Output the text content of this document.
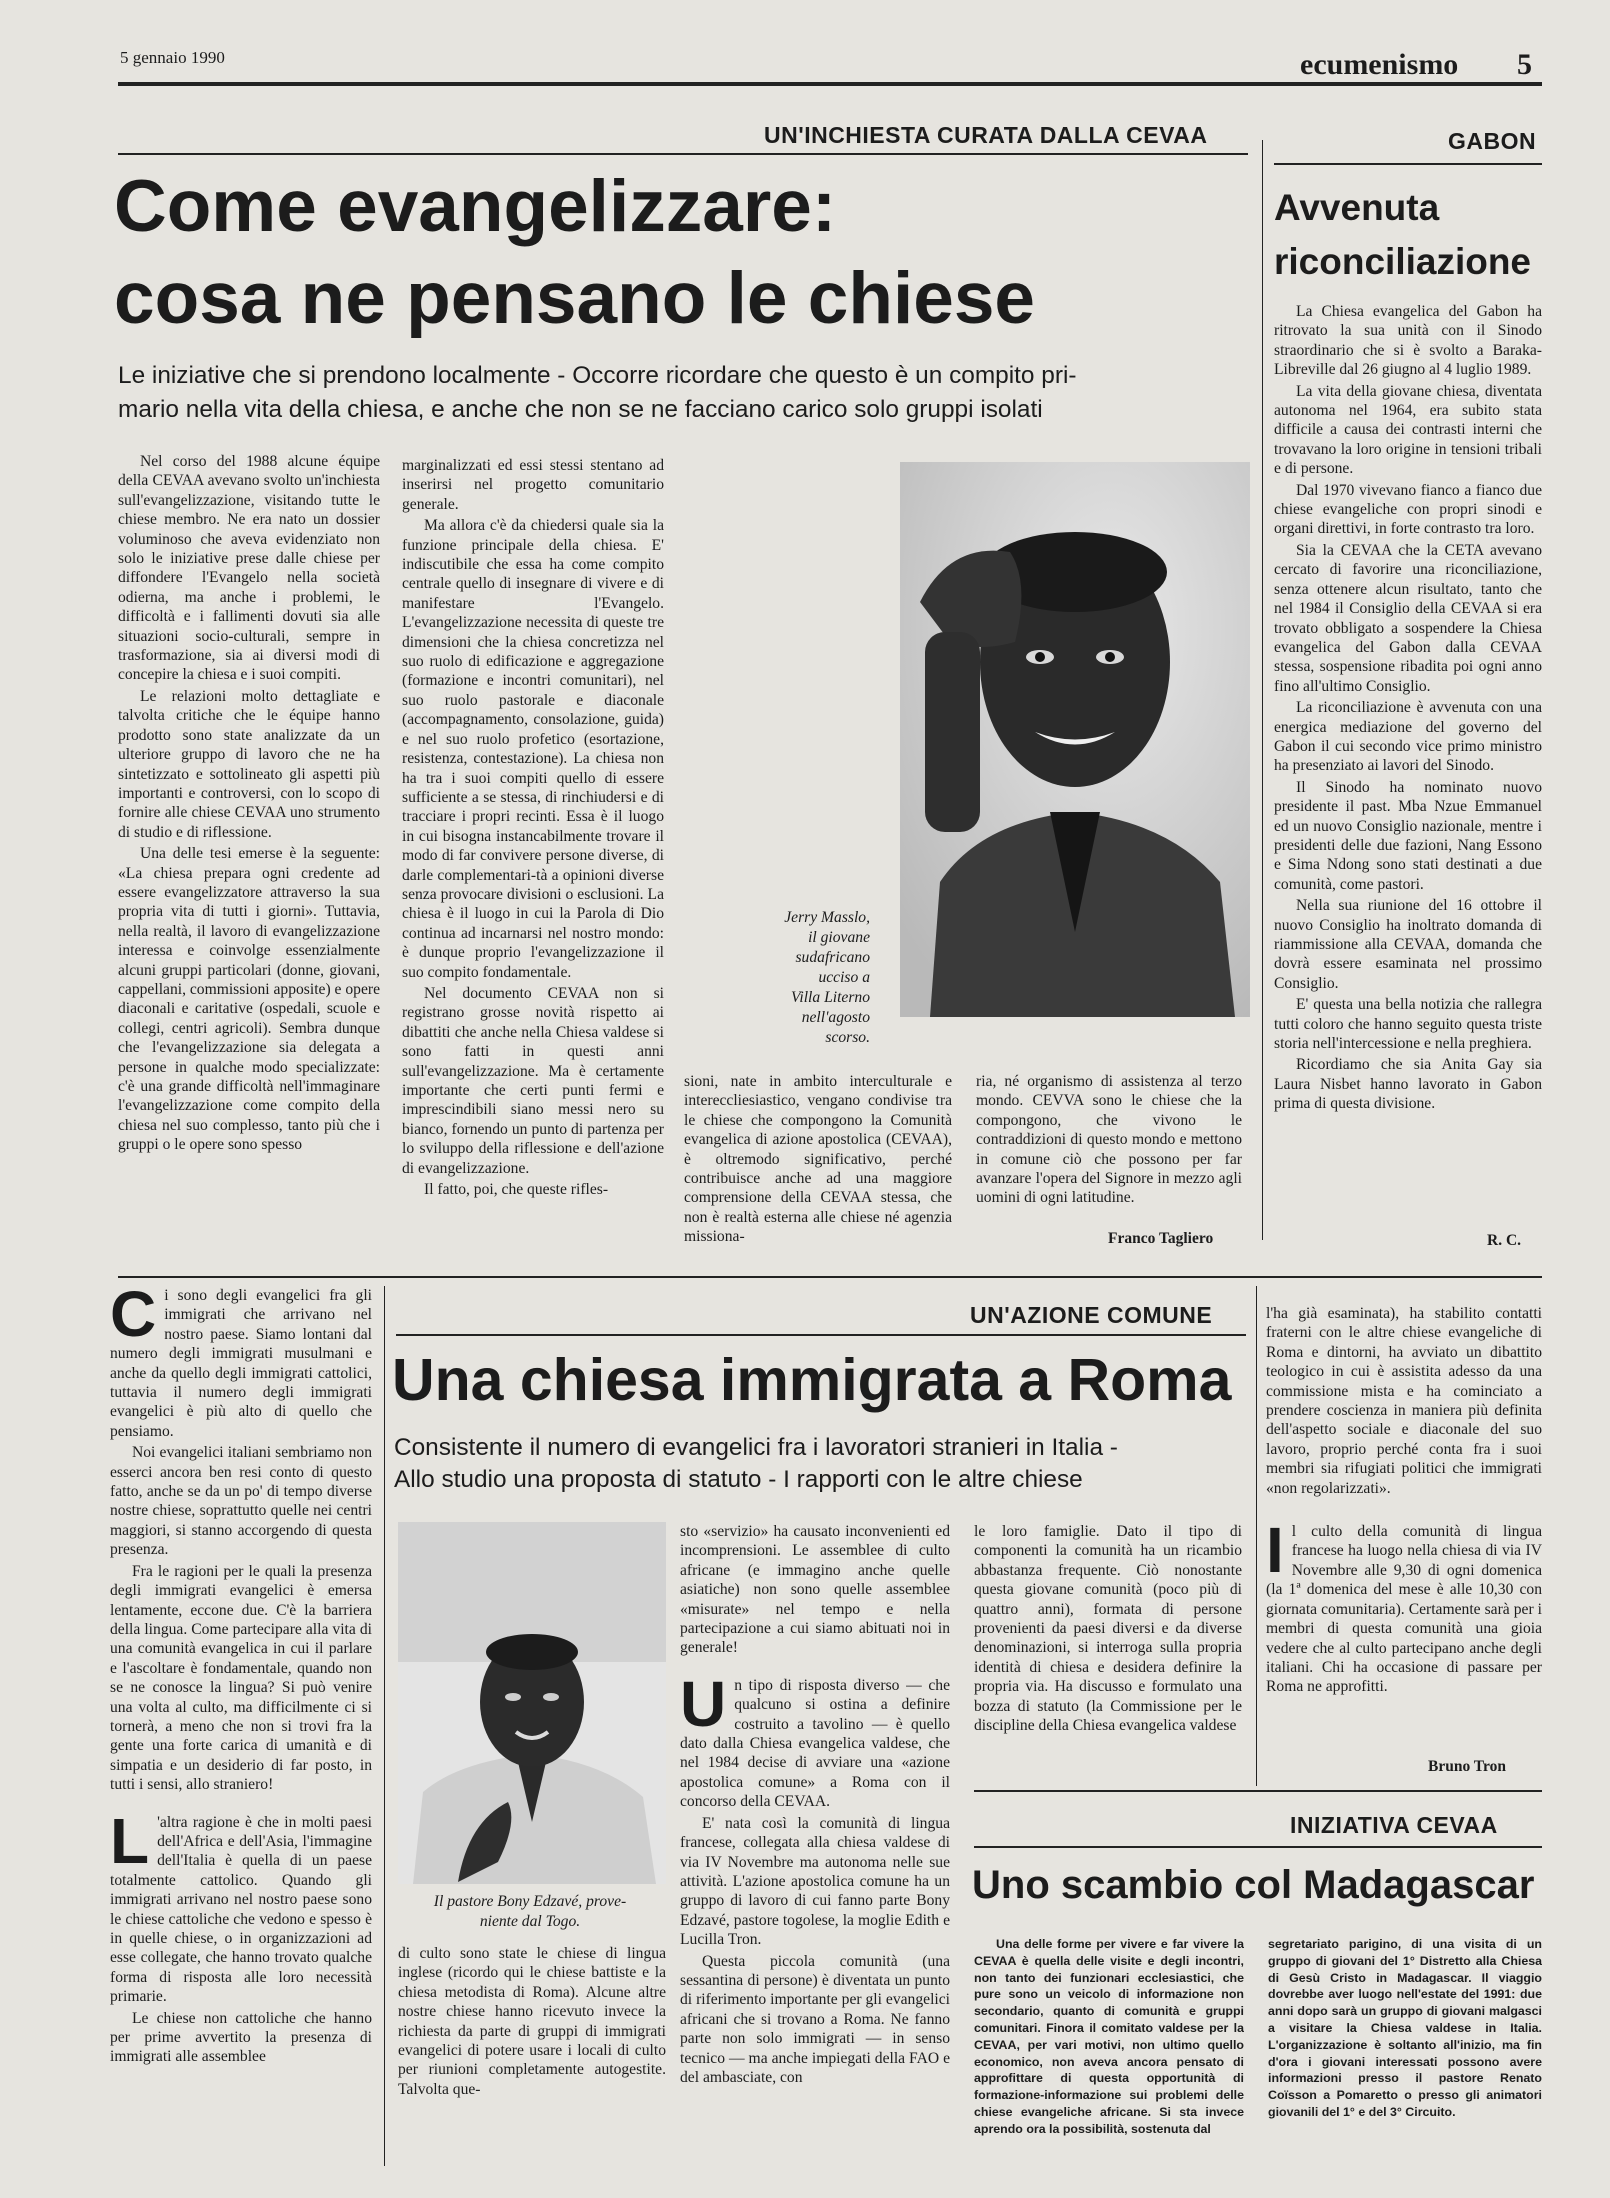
5 gennaio 1990	ecumenismo 5
UN'INCHIESTA CURATA DALLA CEVAA
Come evangelizzare:
cosa ne pensano le chiese
Le iniziative che si prendono localmente - Occorre ricordare che questo è un compito pri-
mario nella vita della chiesa, e anche che non se ne facciano carico solo gruppi isolati

Nel corso del 1988 alcune équipe della CEVAA avevano svolto un'inchiesta sull'evangelizzazione, visitando tutte le chiese membro. Ne era nato un dossier voluminoso che aveva evidenziato non solo le iniziative prese dalle chiese per diffondere l'Evangelo nella società odierna, ma anche i problemi, le difficoltà e i fallimenti dovuti sia alle situazioni socio-culturali, sempre in trasformazione, sia ai diversi modi di concepire la chiesa e i suoi compiti.

Le relazioni molto dettagliate e talvolta critiche che le équipe hanno prodotto sono state analizzate da un ulteriore gruppo di lavoro che ne ha sintetizzato e sottolineato gli aspetti più importanti e controversi, con lo scopo di fornire alle chiese CEVAA uno strumento di studio e di riflessione.

Una delle tesi emerse è la seguente: «La chiesa prepara ogni credente ad essere evangelizzatore attraverso la sua propria vita di tutti i giorni». Tuttavia, nella realtà, il lavoro di evangelizzazione interessa e coinvolge essenzialmente alcuni gruppi particolari (donne, giovani, cappellani, commissioni apposite) e opere diaconali e caritative (ospedali, scuole e collegi, centri agricoli). Sembra dunque che l'evangelizzazione sia delegata a persone in qualche modo specializzate: c'è una grande difficoltà nell'immaginare l'evangelizzazione come compito della chiesa nel suo complesso, tanto più che i gruppi o le opere sono spesso

marginalizzati ed essi stessi stentano ad inserirsi nel progetto comunitario generale.

Ma allora c'è da chiedersi quale sia la funzione principale della chiesa. E' indiscutibile che essa ha come compito centrale quello di insegnare di vivere e di manifestare l'Evangelo. L'evangelizzazione necessita di queste tre dimensioni che la chiesa concretizza nel suo ruolo di edificazione e aggregazione (formazione e incontri comunitari), nel suo ruolo pastorale e diaconale (accompagnamento, consolazione, guida) e nel suo ruolo profetico (esortazione, resistenza, contestazione). La chiesa non ha tra i suoi compiti quello di essere sufficiente a se stessa, di rinchiudersi e di tracciare i propri recinti. Essa è il luogo in cui bisogna instancabilmente trovare il modo di far convivere persone diverse, di darle complementari-tà a opinioni diverse senza provocare divisioni o esclusioni. La chiesa è il luogo in cui la Parola di Dio continua ad incarnarsi nel nostro mondo: è dunque proprio l'evangelizzazione il suo compito fondamentale.

Nel documento CEVAA non si registrano grosse novità rispetto ai dibattiti che anche nella Chiesa valdese si sono fatti in questi anni sull'evangelizzazione. Ma è certamente importante che certi punti fermi e imprescindibili siano messi nero su bianco, fornendo un punto di partenza per lo sviluppo della riflessione e dell'azione di evangelizzazione.

Il fatto, poi, che queste rifles-

Jerry Masslo,
il giovane
sudafricano
ucciso a
Villa Literno
nell'agosto
scorso.

sioni, nate in ambito interculturale e intereccliesiastico, vengano condivise tra le chiese che compongono la Comunità evangelica di azione apostolica (CEVAA), è oltremodo significativo, perché contribuisce anche ad una maggiore comprensione della CEVAA stessa, che non è realtà esterna alle chiese né agenzia missiona-

ria, né organismo di assistenza al terzo mondo. CEVVA sono le chiese che la compongono, che vivono le contraddizioni di questo mondo e mettono in comune ciò che possono per far avanzare l'opera del Signore in mezzo agli uomini di ogni latitudine.

Franco Tagliero
GABON
Avvenuta
riconciliazione

La Chiesa evangelica del Gabon ha ritrovato la sua unità con il Sinodo straordinario che si è svolto a Baraka-Libreville dal 26 giugno al 4 luglio 1989.

La vita della giovane chiesa, diventata autonoma nel 1964, era subito stata difficile a causa dei contrasti interni che trovavano la loro origine in tensioni tribali e di persone.

Dal 1970 vivevano fianco a fianco due chiese evangeliche con propri sinodi e organi direttivi, in forte contrasto tra loro.

Sia la CEVAA che la CETA avevano cercato di favorire una riconciliazione, senza ottenere alcun risultato, tanto che nel 1984 il Consiglio della CEVAA si era trovato obbligato a sospendere la Chiesa evangelica del Gabon dalla CEVAA stessa, sospensione ribadita poi ogni anno fino all'ultimo Consiglio.

La riconciliazione è avvenuta con una energica mediazione del governo del Gabon il cui secondo vice primo ministro ha presenziato ai lavori del Sinodo.

Il Sinodo ha nominato nuovo presidente il past. Mba Nzue Emmanuel ed un nuovo Consiglio nazionale, mentre i presidenti delle due fazioni, Nang Essono e Sima Ndong sono stati destinati a due comunità, come pastori.

Nella sua riunione del 16 ottobre il nuovo Consiglio ha inoltrato domanda di riammissione alla CEVAA, domanda che dovrà essere esaminata nel prossimo Consiglio.

E' questa una bella notizia che rallegra tutti coloro che hanno seguito questa triste storia nell'intercessione e nella preghiera.

Ricordiamo che sia Anita Gay sia Laura Nisbet hanno lavorato in Gabon prima di questa divisione.

R. C.
C i sono degli evangelici fra gli immigrati che arrivano nel nostro paese. Siamo lontani dal numero degli immigrati musulmani e anche da quello degli immigrati cattolici, tuttavia il numero degli immigrati evangelici è più alto di quello che pensiamo.

Noi evangelici italiani sembriamo non esserci ancora ben resi conto di questo fatto, anche se da un po' di tempo diverse nostre chiese, soprattutto quelle nei centri maggiori, si stanno accorgendo di questa presenza.

Fra le ragioni per le quali la presenza degli immigrati evangelici è emersa lentamente, eccone due. C'è la barriera della lingua. Come partecipare alla vita di una comunità evangelica in cui il parlare e l'ascoltare è fondamentale, quando non se ne conosce la lingua? Si può venire una volta al culto, ma difficilmente ci si tornerà, a meno che non si trovi fra la gente una forte carica di umanità e di simpatia e un desiderio di far posto, in tutti i sensi, allo straniero!

L 'altra ragione è che in molti paesi dell'Africa e dell'Asia, l'immagine dell'Italia è quella di un paese totalmente cattolico. Quando gli immigrati arrivano nel nostro paese sono le chiese cattoliche che vedono e spesso è in quelle chiese, o in organizzazioni ad esse collegate, che hanno trovato qualche forma di risposta alle loro necessità primarie.

Le chiese non cattoliche che hanno per prime avvertito la presenza di immigrati alle assemblee

UN'AZIONE COMUNE
Una chiesa immigrata a Roma
Consistente il numero di evangelici fra i lavoratori stranieri in Italia -
Allo studio una proposta di statuto - I rapporti con le altre chiese
Il pastore Bony Edzavé, prove-
niente dal Togo.

di culto sono state le chiese di lingua inglese (ricordo qui le chiese battiste e la chiesa metodista di Roma). Alcune altre nostre chiese hanno ricevuto invece la richiesta da parte di gruppi di immigrati evangelici di potere usare i locali di culto per riunioni completamente autogestite. Talvolta que-

sto «servizio» ha causato inconvenienti ed incomprensioni. Le assemblee di culto africane (e immagino anche quelle asiatiche) non sono quelle assemblee «misurate» nel tempo e nella partecipazione a cui siamo abituati noi in generale!

U n tipo di risposta diverso — che qualcuno si ostina a definire costruito a tavolino — è quello dato dalla Chiesa evangelica valdese, che nel 1984 decise di avviare una «azione apostolica comune» a Roma con il concorso della CEVAA.

E' nata così la comunità di lingua francese, collegata alla chiesa valdese di via IV Novembre ma autonoma nelle sue attività. L'azione apostolica comune ha un gruppo di lavoro di cui fanno parte Bony Edzavé, pastore togolese, la moglie Edith e Lucilla Tron.

Questa piccola comunità (una sessantina di persone) è diventata un punto di riferimento importante per gli evangelici africani che si trovano a Roma. Ne fanno parte non solo immigrati — in senso tecnico — ma anche impiegati della FAO e del ambasciate, con

le loro famiglie. Dato il tipo di componenti la comunità ha un ricambio abbastanza frequente. Ciò nonostante questa giovane comunità (poco più di quattro anni), formata di persone provenienti da paesi diversi e da diverse denominazioni, si interroga sulla propria identità di chiesa e desidera definire la propria via. Ha discusso e formulato una bozza di statuto (la Commissione per le discipline della Chiesa evangelica valdese

l'ha già esaminata), ha stabilito contatti fraterni con le altre chiese evangeliche di Roma e dintorni, ha avviato un dibattito teologico in cui è assistita adesso da una commissione mista e ha cominciato a prendere coscienza in maniera più definita dell'aspetto sociale e diaconale del suo lavoro, proprio perché conta fra i suoi membri sia rifugiati politici che immigrati «non regolarizzati».

I l culto della comunità di lingua francese ha luogo nella chiesa di via IV Novembre alle 9,30 di ogni domenica (la 1ª domenica del mese è alle 10,30 con giornata comunitaria). Certamente sarà per i membri di questa comunità una gioia vedere che al culto partecipano anche degli italiani. Chi ha occasione di passare per Roma ne approfitti.

Bruno Tron
INIZIATIVA CEVAA
Uno scambio col Madagascar

Una delle forme per vivere e far vivere la CEVAA è quella delle visite e degli incontri, non tanto dei funzionari ecclesiastici, che pure sono un veicolo di informazione non secondario, quanto di comunità e gruppi comunitari. Finora il comitato valdese per la CEVAA, per vari motivi, non ultimo quello economico, non aveva ancora pensato di approfittare di questa opportunità di formazione-informazione sui problemi delle chiese evangeliche africane. Si sta invece aprendo ora la possibilità, sostenuta dal

segretariato parigino, di una visita di un gruppo di giovani del 1° Distretto alla Chiesa di Gesù Cristo in Madagascar. Il viaggio dovrebbe aver luogo nell'estate del 1991: due anni dopo sarà un gruppo di giovani malgasci a visitare la Chiesa valdese in Italia. L'organizzazione è soltanto all'inizio, ma fin d'ora i giovani interessati possono avere informazioni presso il pastore Renato Coïsson a Pomaretto o presso gli animatori giovanili del 1° e del 3° Circuito.
